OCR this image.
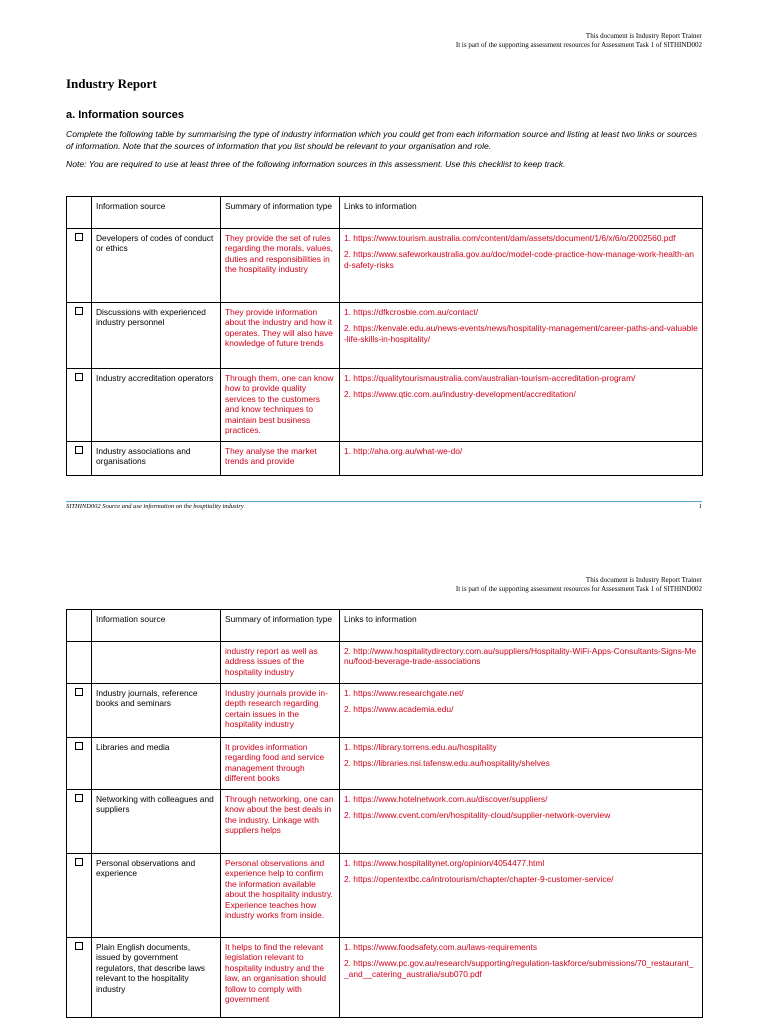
This document is Industry Report Trainer
It is part of the supporting assessment resources for Assessment Task 1 of SITHIND002
Industry Report
a. Information sources

Complete the following table by summarising the type of industry information which you could get from each information source and listing at least two links or sources of information. Note that the sources of information that you list should be relevant to your organisation and role.

Note: You are required to use at least three of the following information sources in this assessment. Use this checklist to keep track.

	Information source	Summary of information type	Links to information
	Developers of codes of conduct or ethics	They provide the set of rules regarding the morals, values, duties and responsibilities in the hospitality industry	1. https://www.tourism.australia.com/content/dam/assets/document/1/6/x/6/o/2002560.pdf
2. https://www.safeworkaustralia.gov.au/doc/model-code-practice-how-manage-work-health-and-safety-risks

	Discussions with experienced industry personnel	They provide information about the industry and how it operates. They will also have knowledge of future trends	1. https://dfkcrosbie.com.au/contact/
2. https://kenvale.edu.au/news-events/news/hospitality-management/career-paths-and-valuable-life-skills-in-hospitality/

	Industry accreditation operators	Through them, one can know how to provide quality services to the customers and know techniques to maintain best business practices.	1. https://qualitytourismaustralia.com/australian-tourism-accreditation-program/
2. https://www.qtic.com.au/industry-development/accreditation/

	Industry associations and organisations	They analyse the market trends and provide	1. http://aha.org.au/what-we-do/
SITHIND002 Source and use information on the hospitality industry	1
This document is Industry Report Trainer
It is part of the supporting assessment resources for Assessment Task 1 of SITHIND002
	Information source	Summary of information type	Links to information
		industry report as well as address issues of the hospitality industry	2. http://www.hospitalitydirectory.com.au/suppliers/Hospitality-WiFi-Apps-Consultants-Signs-Menu/food-beverage-trade-associations

	Industry journals, reference books and seminars	Industry journals provide in-depth research regarding certain issues in the hospitality industry	1. https://www.researchgate.net/
2. https://www.academia.edu/

	Libraries and media	It provides information regarding food and service management through different books	1. https://library.torrens.edu.au/hospitality
2. https://libraries.nsi.tafensw.edu.au/hospitality/shelves

	Networking with colleagues and suppliers	Through networking, one can know about the best deals in the industry. Linkage with suppliers helps	1. https://www.hotelnetwork.com.au/discover/suppliers/
2. https://www.cvent.com/en/hospitality-cloud/supplier-network-overview

	Personal observations and experience	Personal observations and experience help to confirm the information available about the hospitality industry. Experience teaches how industry works from inside.	1. https://www.hospitalitynet.org/opinion/4054477.html
2. https://opentextbc.ca/introtourism/chapter/chapter-9-customer-service/

	Plain English documents, issued by government regulators, that describe laws relevant to the hospitality industry	It helps to find the relevant legislation relevant to hospitality industry and the law, an organisation should follow to comply with government	1. https://www.foodsafety.com.au/laws-requirements
2. https://www.pc.gov.au/research/supporting/regulation-taskforce/submissions/70_restaurant__and__catering_australia/sub070.pdf
